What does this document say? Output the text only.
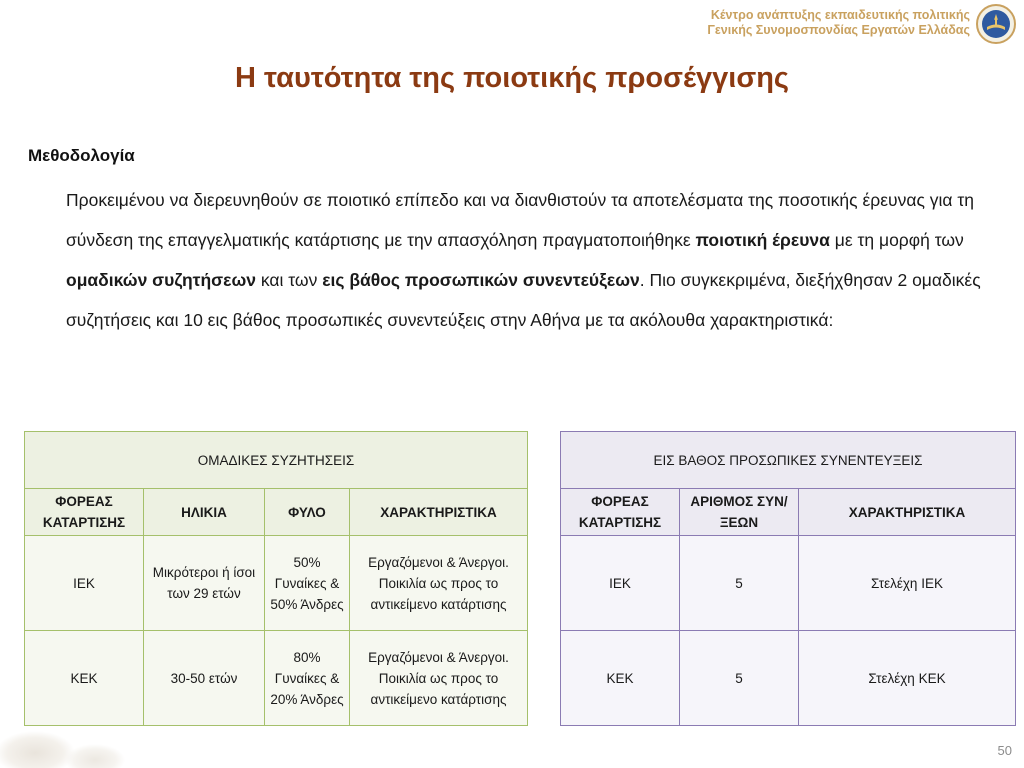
Κέντρο ανάπτυξης εκπαιδευτικής πολιτικής
Γενικής Συνομοσπονδίας Εργατών Ελλάδας
Η ταυτότητα της ποιοτικής προσέγγισης
Μεθοδολογία
Προκειμένου να διερευνηθούν σε ποιοτικό επίπεδο και να διανθιστούν τα αποτελέσματα της ποσοτικής έρευνας για τη σύνδεση της επαγγελματικής κατάρτισης με την απασχόληση πραγματοποιήθηκε ποιοτική έρευνα με τη μορφή των ομαδικών συζητήσεων και των εις βάθος προσωπικών συνεντεύξεων. Πιο συγκεκριμένα, διεξήχθησαν 2 ομαδικές συζητήσεις και 10 εις βάθος προσωπικές συνεντεύξεις στην Αθήνα με τα ακόλουθα χαρακτηριστικά:
ΟΜΑΔΙΚΕΣ ΣΥΖΗΤΗΣΕΙΣ			
ΦΟΡΕΑΣ ΚΑΤΑΡΤΙΣΗΣ	ΗΛΙΚΙΑ	ΦΥΛΟ	ΧΑΡΑΚΤΗΡΙΣΤΙΚΑ
ΙΕΚ	Μικρότεροι ή ίσοι των 29 ετών	50% Γυναίκες & 50% Άνδρες	Εργαζόμενοι & Άνεργοι. Ποικιλία ως προς το αντικείμενο κατάρτισης
ΚΕΚ	30-50 ετών	80% Γυναίκες & 20% Άνδρες	Εργαζόμενοι & Άνεργοι. Ποικιλία ως προς το αντικείμενο κατάρτισης
ΕΙΣ ΒΑΘΟΣ ΠΡΟΣΩΠΙΚΕΣ ΣΥΝΕΝΤΕΥΞΕΙΣ		
ΦΟΡΕΑΣ ΚΑΤΑΡΤΙΣΗΣ	ΑΡΙΘΜΟΣ ΣΥΝ/ΞΕΩΝ	ΧΑΡΑΚΤΗΡΙΣΤΙΚΑ
ΙΕΚ	5	Στελέχη ΙΕΚ
ΚΕΚ	5	Στελέχη ΚΕΚ
50
